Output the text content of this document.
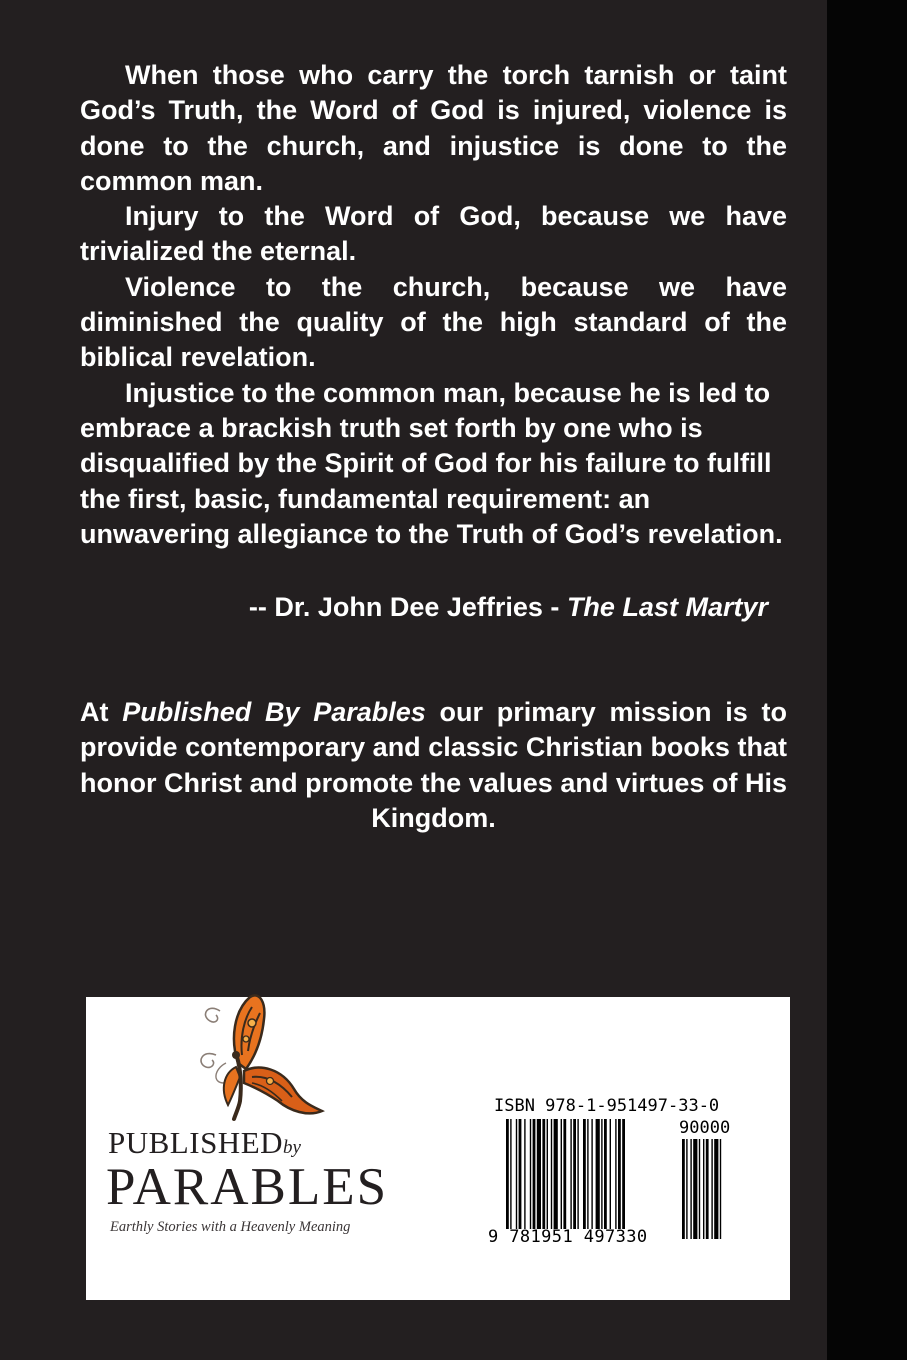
When those who carry the torch tarnish or taint God’s Truth, the Word of God is injured, violence is done to the church, and injustice is done to the common man.

Injury to the Word of God, because we have trivialized the eternal.

Violence to the church, because we have diminished the quality of the high standard of the biblical revelation.

Injustice to the common man, because he is led to embrace a brackish truth set forth by one who is disqualified by the Spirit of God for his failure to fulfill the first, basic, fundamental requirement: an unwavering allegiance to the Truth of God’s revelation.

-- Dr. John Dee Jeffries - The Last Martyr
At Published By Parables our primary mission is to provide contemporary and classic Christian books that honor Christ and promote the values and virtues of His Kingdom.
PUBLISHEDby
PARABLES
Earthly Stories with a Heavenly Meaning
ISBN 978-1-951497-33-0
90000
9 781951 497330
